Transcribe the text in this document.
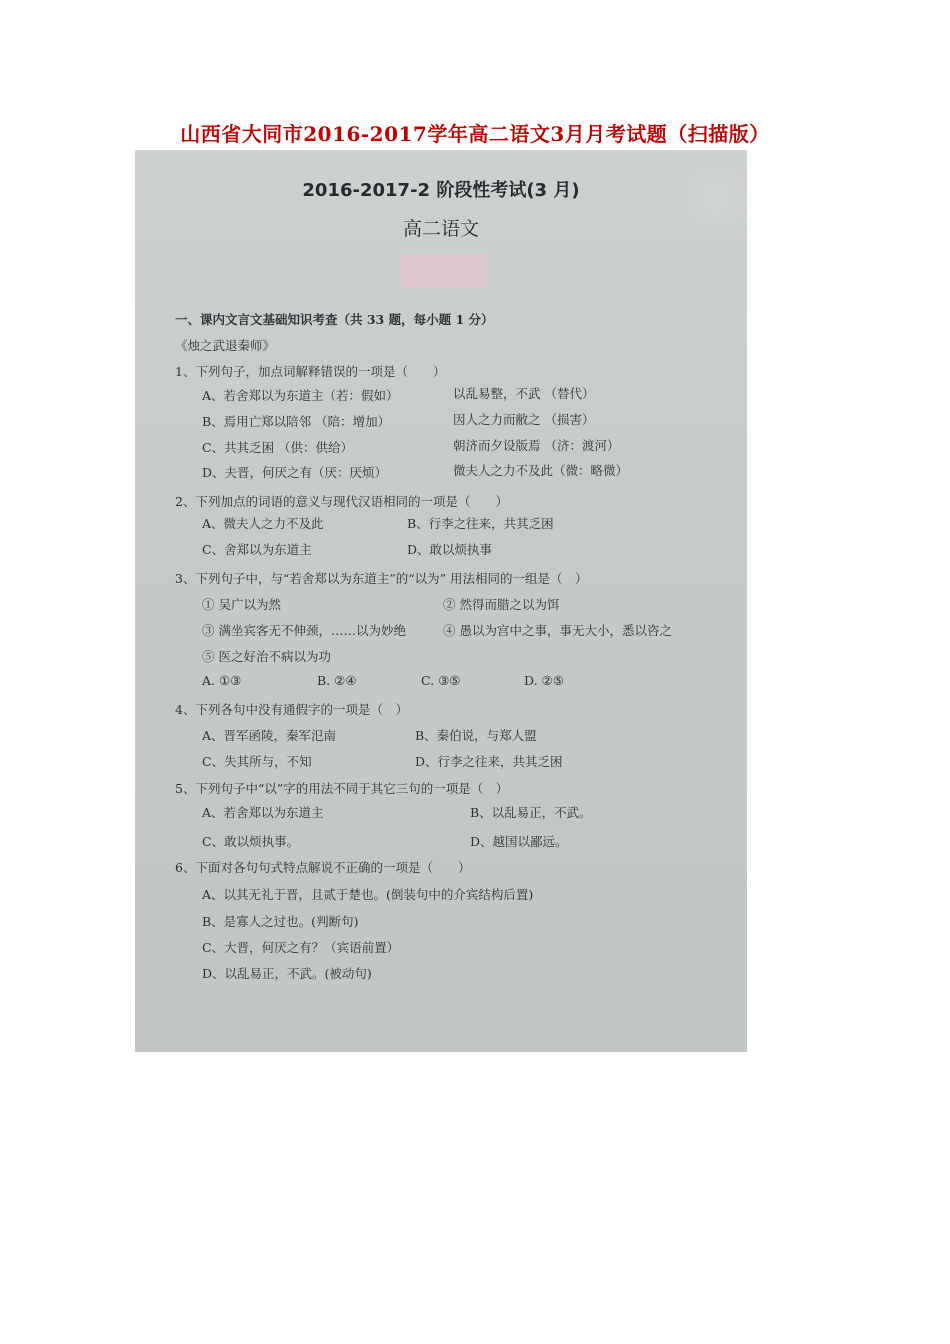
山西省大同市2016-2017学年高二语文3月月考试题（扫描版）
2016-2017-2 阶段性考试(3 月)
高二语文
一、课内文言文基础知识考查（共 33 题，每小题 1 分）
《烛之武退秦师》
1、下列句子，加点词解释错误的一项是（　　）
A、若舍郑以为东道主（若：假如）	以乱易整，不武 （替代）
B、焉用亡郑以陪邻 （陪：增加）	因人之力而敝之 （损害）
C、共其乏困 （供：供给）	朝济而夕设版焉 （济：渡河）
D、夫晋，何厌之有（厌：厌烦）	微夫人之力不及此（微：略微）
2、下列加点的词语的意义与现代汉语相同的一项是（　　）
A、微夫人之力不及此	B、行李之往来，共其乏困
C、舍郑以为东道主	D、敢以烦执事
3、下列句子中，与“若舍郑以为东道主”的“以为” 用法相同的一组是（　）
① 吴广以为然	② 然得而腊之以为饵
③ 满坐宾客无不伸颈，……以为妙绝	④ 愚以为宫中之事，事无大小，悉以咨之
⑤ 医之好治不病以为功
A. ①③	B. ②④	C. ③⑤	D. ②⑤
4、下列各句中没有通假字的一项是（　）
A、晋军函陵，秦军氾南	B、秦伯说，与郑人盟
C、失其所与，不知	D、行李之往来，共其乏困
5、下列句子中“以”字的用法不同于其它三句的一项是（　）
A、若舍郑以为东道主	B、以乱易正，不武。
C、敢以烦执事。	D、越国以鄙远。
6、下面对各句句式特点解说不正确的一项是（　　）
A、以其无礼于晋，且贰于楚也。(倒装句中的介宾结构后置)
B、是寡人之过也。(判断句)
C、大晋，何厌之有？（宾语前置）
D、以乱易正，不武。(被动句)
